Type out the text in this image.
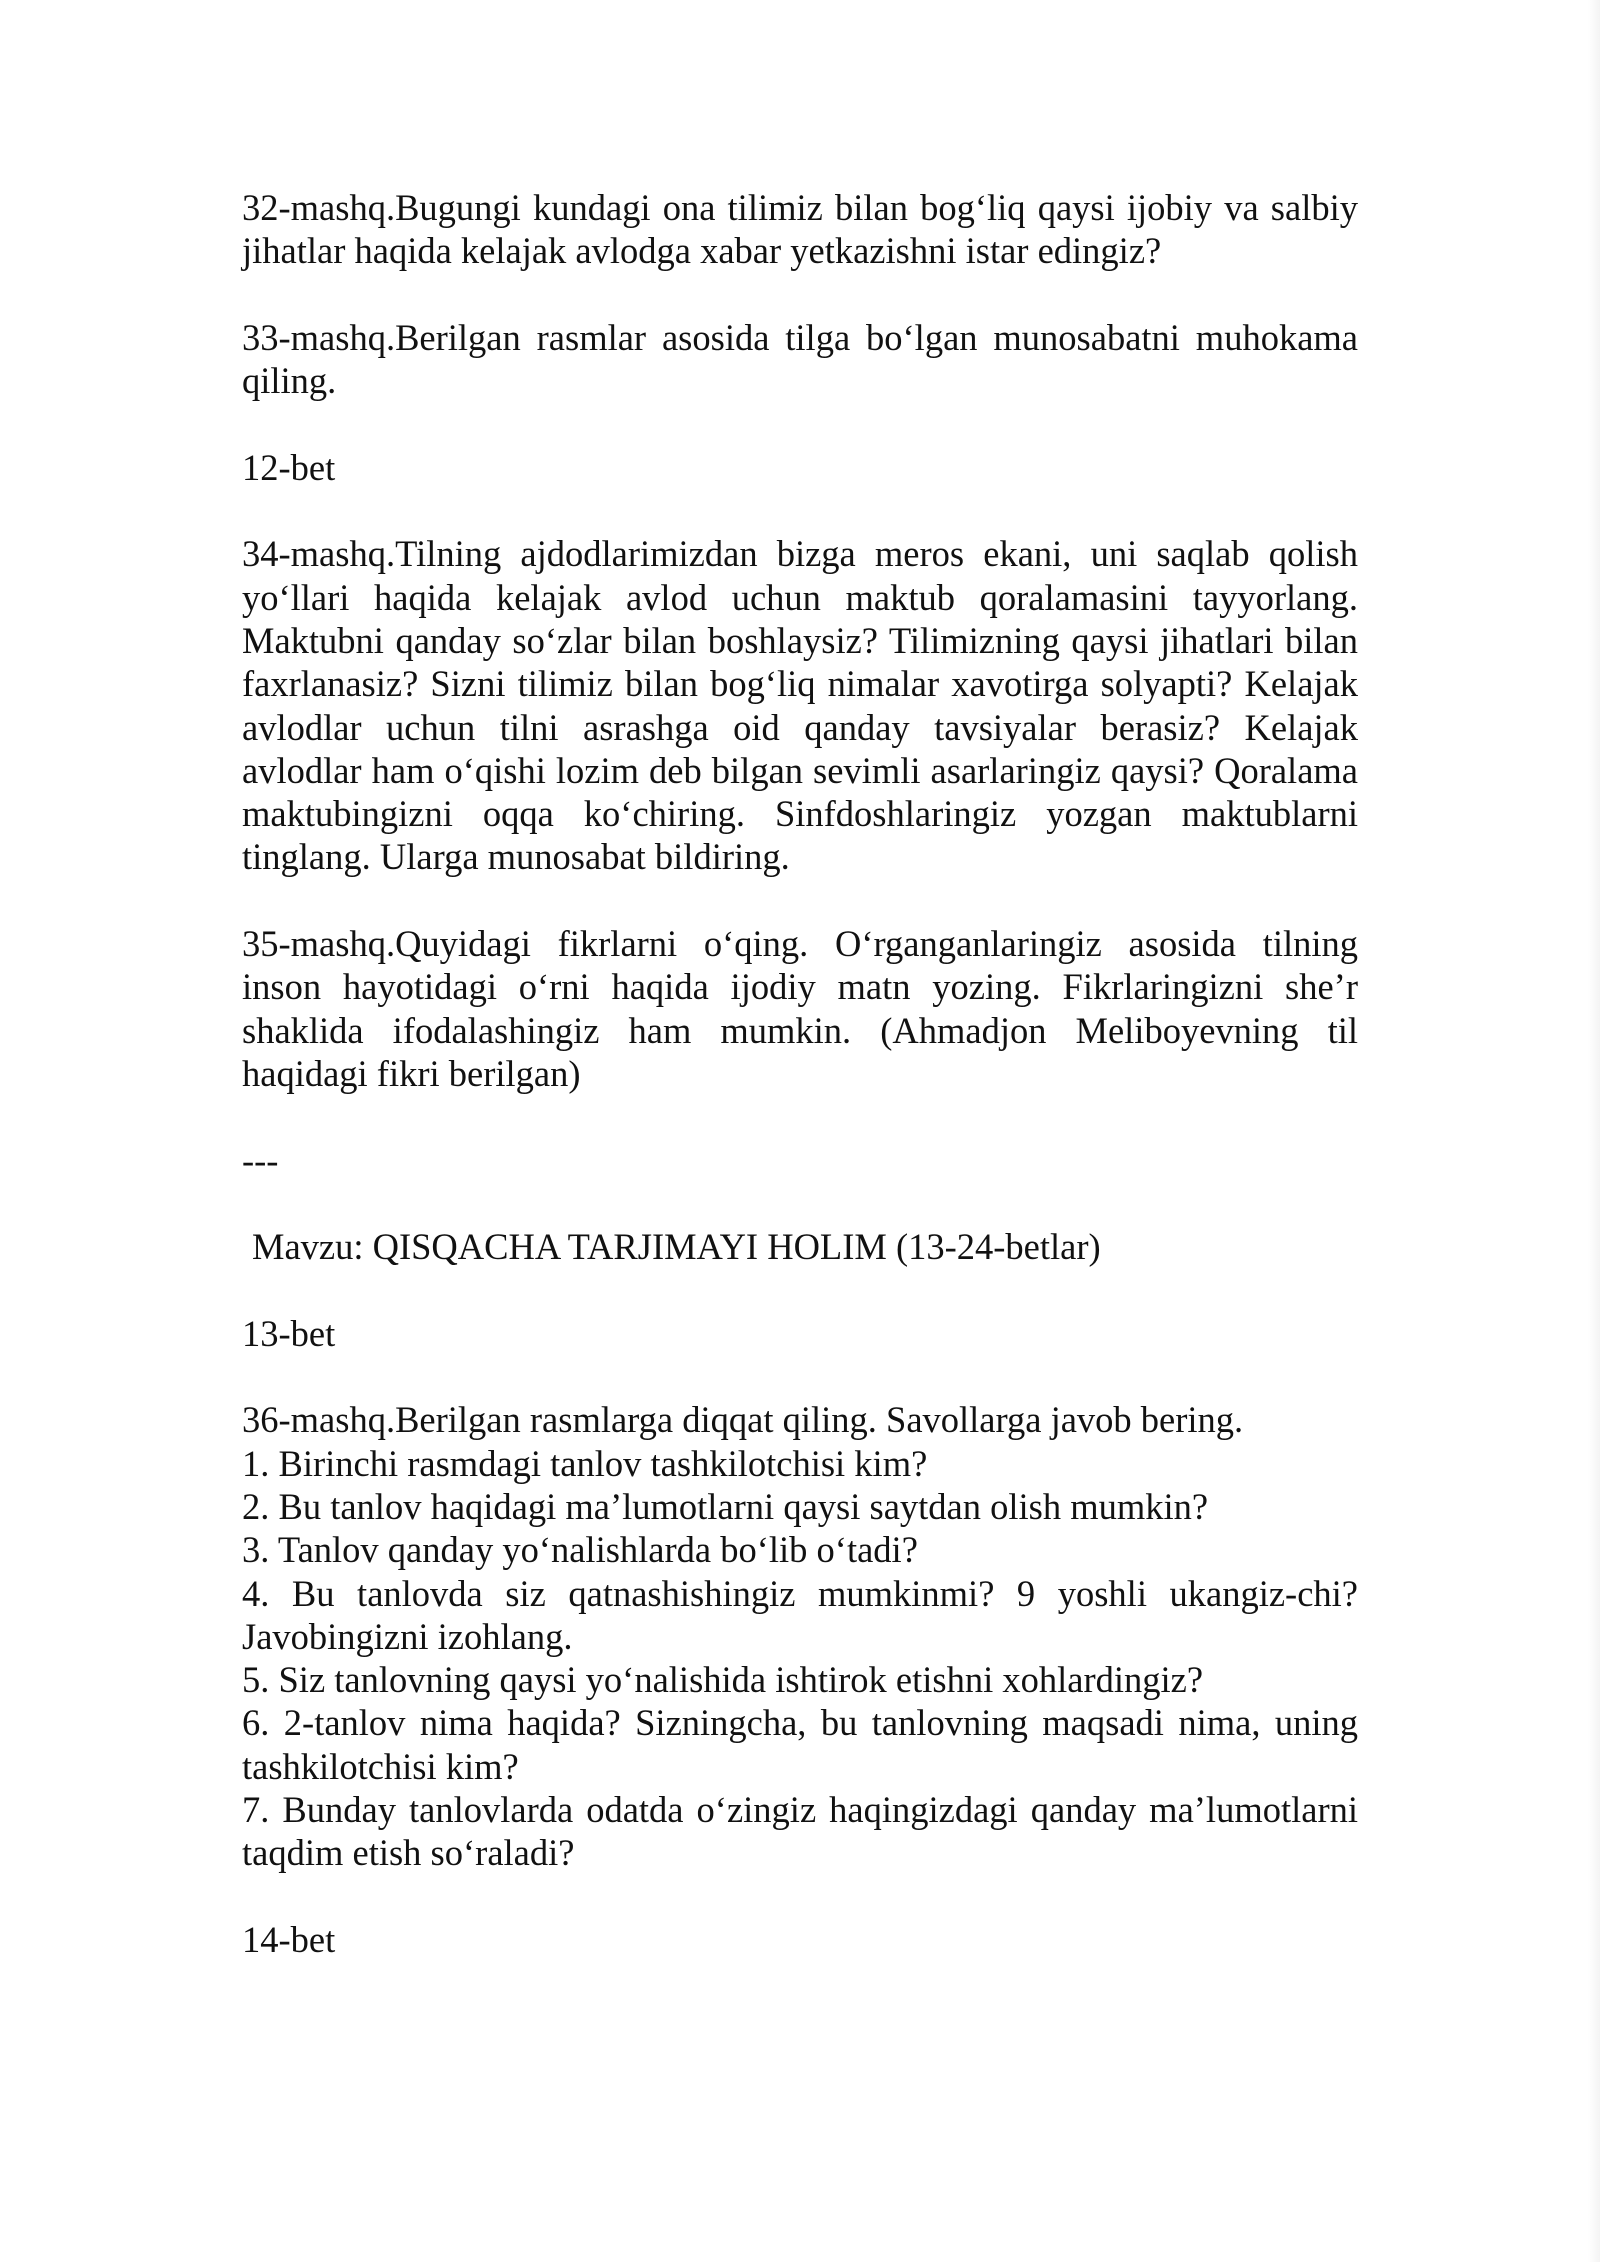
32-mashq.Bugungi kundagi ona tilimiz bilan bog‘liq qaysi ijobiy va salbiy jihatlar haqida kelajak avlodga xabar yetkazishni istar edingiz?

33-mashq.Berilgan rasmlar asosida tilga bo‘lgan munosabatni muhokama qiling.

12-bet

34-mashq.Tilning ajdodlarimizdan bizga meros ekani, uni saqlab qolish yo‘llari haqida kelajak avlod uchun maktub qoralamasini tayyorlang. Maktubni qanday so‘zlar bilan boshlaysiz? Tilimizning qaysi jihatlari bilan faxrlanasiz? Sizni tilimiz bilan bog‘liq nimalar xavotirga solyapti? Kelajak avlodlar uchun tilni asrashga oid qanday tavsiyalar berasiz? Kelajak avlodlar ham o‘qishi lozim deb bilgan sevimli asarlaringiz qaysi? Qoralama maktubingizni oqqa ko‘chiring. Sinfdoshlaringiz yozgan maktublarni tinglang. Ularga munosabat bildiring.

35-mashq.Quyidagi fikrlarni o‘qing. O‘rganganlaringiz asosida tilning inson hayotidagi o‘rni haqida ijodiy matn yozing. Fikrlaringizni she’r shaklida ifodalashingiz ham mumkin. (Ahmadjon Meliboyevning til haqidagi fikri berilgan)

---

Mavzu: QISQACHA TARJIMAYI HOLIM (13-24-betlar)

13-bet

36-mashq.Berilgan rasmlarga diqqat qiling. Savollarga javob bering.
1. Birinchi rasmdagi tanlov tashkilotchisi kim?
2. Bu tanlov haqidagi ma’lumotlarni qaysi saytdan olish mumkin?
3. Tanlov qanday yo‘nalishlarda bo‘lib o‘tadi?
4. Bu tanlovda siz qatnashishingiz mumkinmi? 9 yoshli ukangiz-chi? Javobingizni izohlang.
5. Siz tanlovning qaysi yo‘nalishida ishtirok etishni xohlardingiz?
6. 2-tanlov nima haqida? Sizningcha, bu tanlovning maqsadi nima, uning tashkilotchisi kim?
7. Bunday tanlovlarda odatda o‘zingiz haqingizdagi qanday ma’lumotlarni taqdim etish so‘raladi?

14-bet
